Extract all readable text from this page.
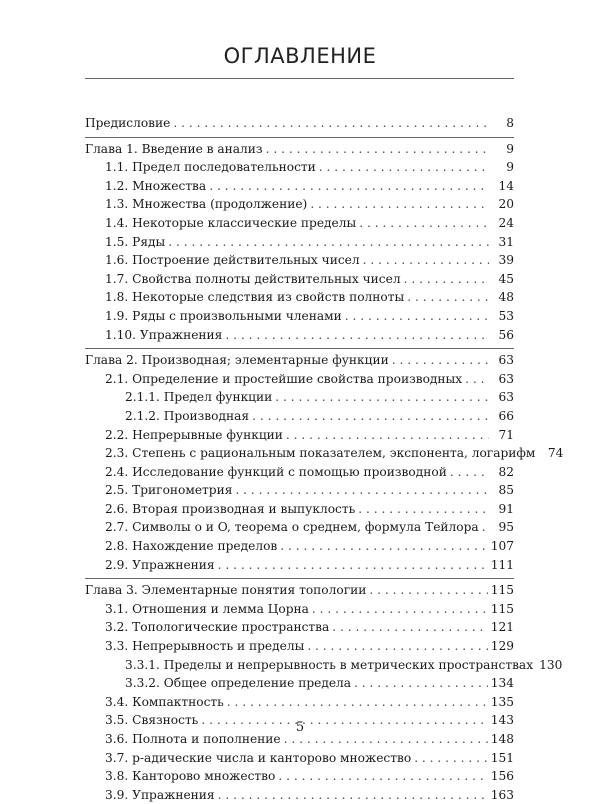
ОГЛАВЛЕНИЕ
Предисловие . . .	8
Глава 1. Введение в анализ . . .	9
1.1. Предел последовательности . . .	9
1.2. Множества . . .	14
1.3. Множества (продолжение) . . .	20
1.4. Некоторые классические пределы . . .	24
1.5. Ряды . . .	31
1.6. Построение действительных чисел . . .	39
1.7. Свойства полноты действительных чисел . . .	45
1.8. Некоторые следствия из свойств полноты . . .	48
1.9. Ряды с произвольными членами . . .	53
1.10. Упражнения . . .	56
Глава 2. Производная; элементарные функции . . .	63
2.1. Определение и простейшие свойства производных . . .	63
2.1.1. Предел функции . . .	63
2.1.2. Производная . . .	66
2.2. Непрерывные функции . . .	71
2.3. Степень с рациональным показателем, экспонента, логарифм	74
2.4. Исследование функций с помощью производной . . .	82
2.5. Тригонометрия . . .	85
2.6. Вторая производная и выпуклость . . .	91
2.7. Символы o и O, теорема о среднем, формула Тейлора . . .	95
2.8. Нахождение пределов . . .	107
2.9. Упражнения . . .	111
Глава 3. Элементарные понятия топологии . . .	115
3.1. Отношения и лемма Цорна . . .	115
3.2. Топологические пространства . . .	121
3.3. Непрерывность и пределы . . .	129
3.3.1. Пределы и непрерывность в метрических пространствах 130
3.3.2. Общее определение предела . . .	134
3.4. Компактность . . .	135
3.5. Связность . . .	143
3.6. Полнота и пополнение . . .	148
3.7. p-адические числа и канторово множество . . .	151
3.8. Канторово множество . . .	156
3.9. Упражнения . . .	163
5
